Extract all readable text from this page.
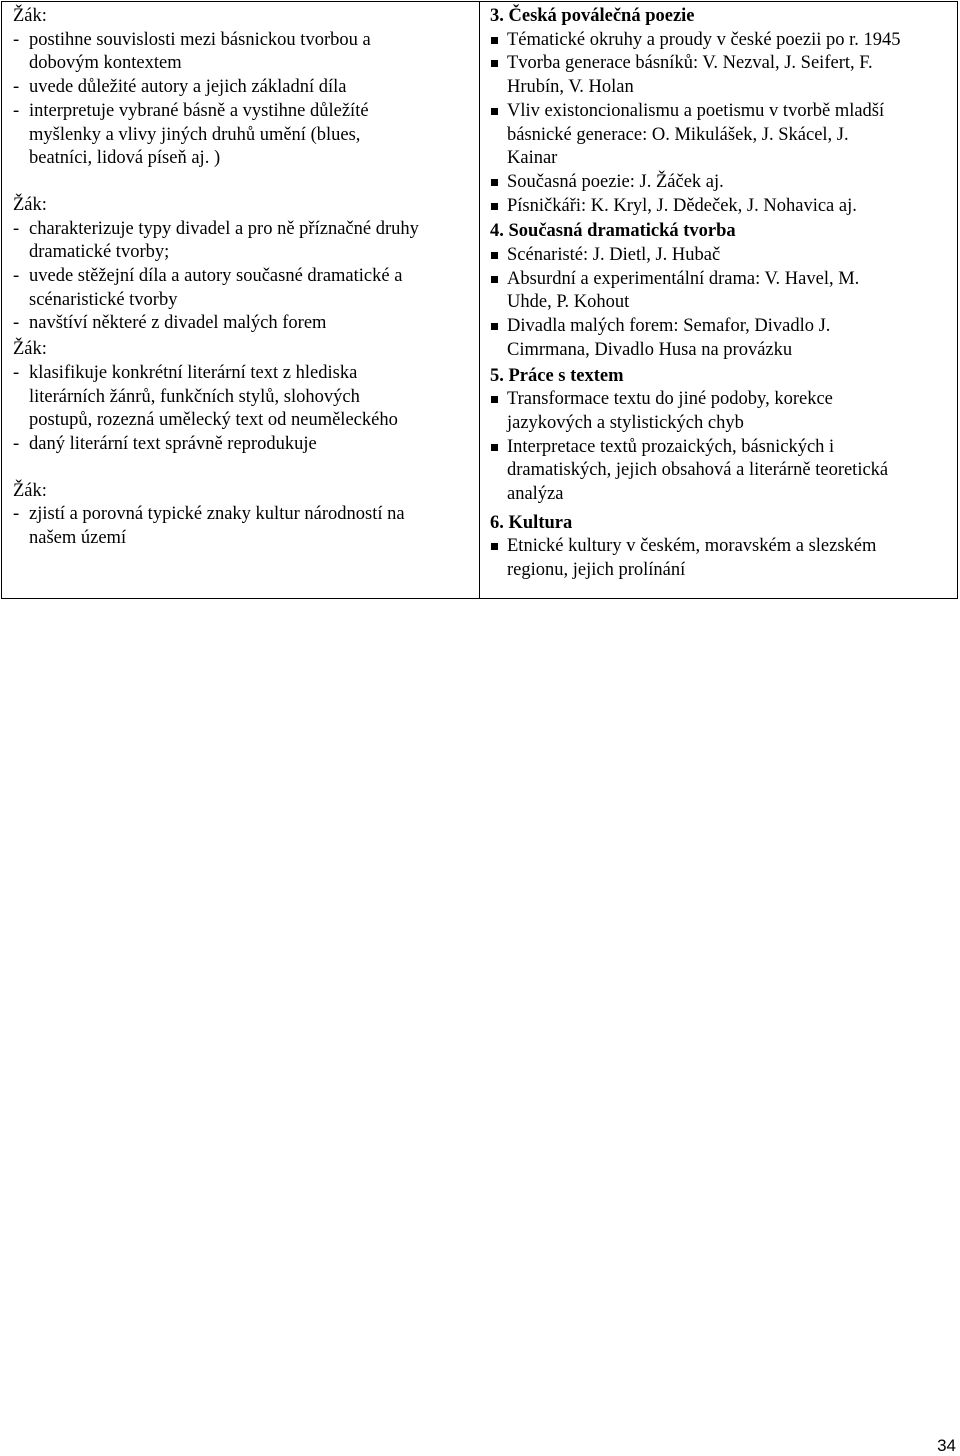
Žák:
- postihne souvislosti mezi básnickou tvorbou a
dobovým kontextem
- uvede důležité autory a jejich základní díla
- interpretuje vybrané básně a vystihne důležíté
myšlenky a vlivy jiných druhů umění (blues,
beatníci, lidová píseň aj. )
Žák:
- charakterizuje typy divadel a pro ně příznačné druhy
dramatické tvorby;
- uvede stěžejní díla a autory současné dramatické a
scénaristické tvorby
- navštíví některé z divadel malých forem
Žák:
- klasifikuje konkrétní literární text z hlediska
literárních žánrů, funkčních stylů, slohových
postupů, rozezná umělecký text od neuměleckého
- daný literární text správně reprodukuje
Žák:
- zjistí a porovná typické znaky kultur národností na
našem území
3. Česká poválečná poezie
Tématické okruhy a proudy v české poezii po r. 1945
Tvorba generace básníků: V. Nezval, J. Seifert, F.
Hrubín, V. Holan
Vliv existoncionalismu a poetismu v tvorbě mladší
básnické generace: O. Mikulášek, J. Skácel, J.
Kainar
Současná poezie: J. Žáček aj.
Písničkáři: K. Kryl, J. Dědeček, J. Nohavica aj.
4. Současná dramatická tvorba
Scénaristé: J. Dietl, J. Hubač
Absurdní a experimentální drama: V. Havel, M.
Uhde, P. Kohout
Divadla malých forem: Semafor, Divadlo J.
Cimrmana, Divadlo Husa na provázku
5. Práce s textem
Transformace textu do jiné podoby, korekce
jazykových a stylistických chyb
Interpretace textů prozaických, básnických i
dramatiských, jejich obsahová a literárně teoretická
analýza
6. Kultura
Etnické kultury v českém, moravském a slezském
regionu, jejich prolínání
34
